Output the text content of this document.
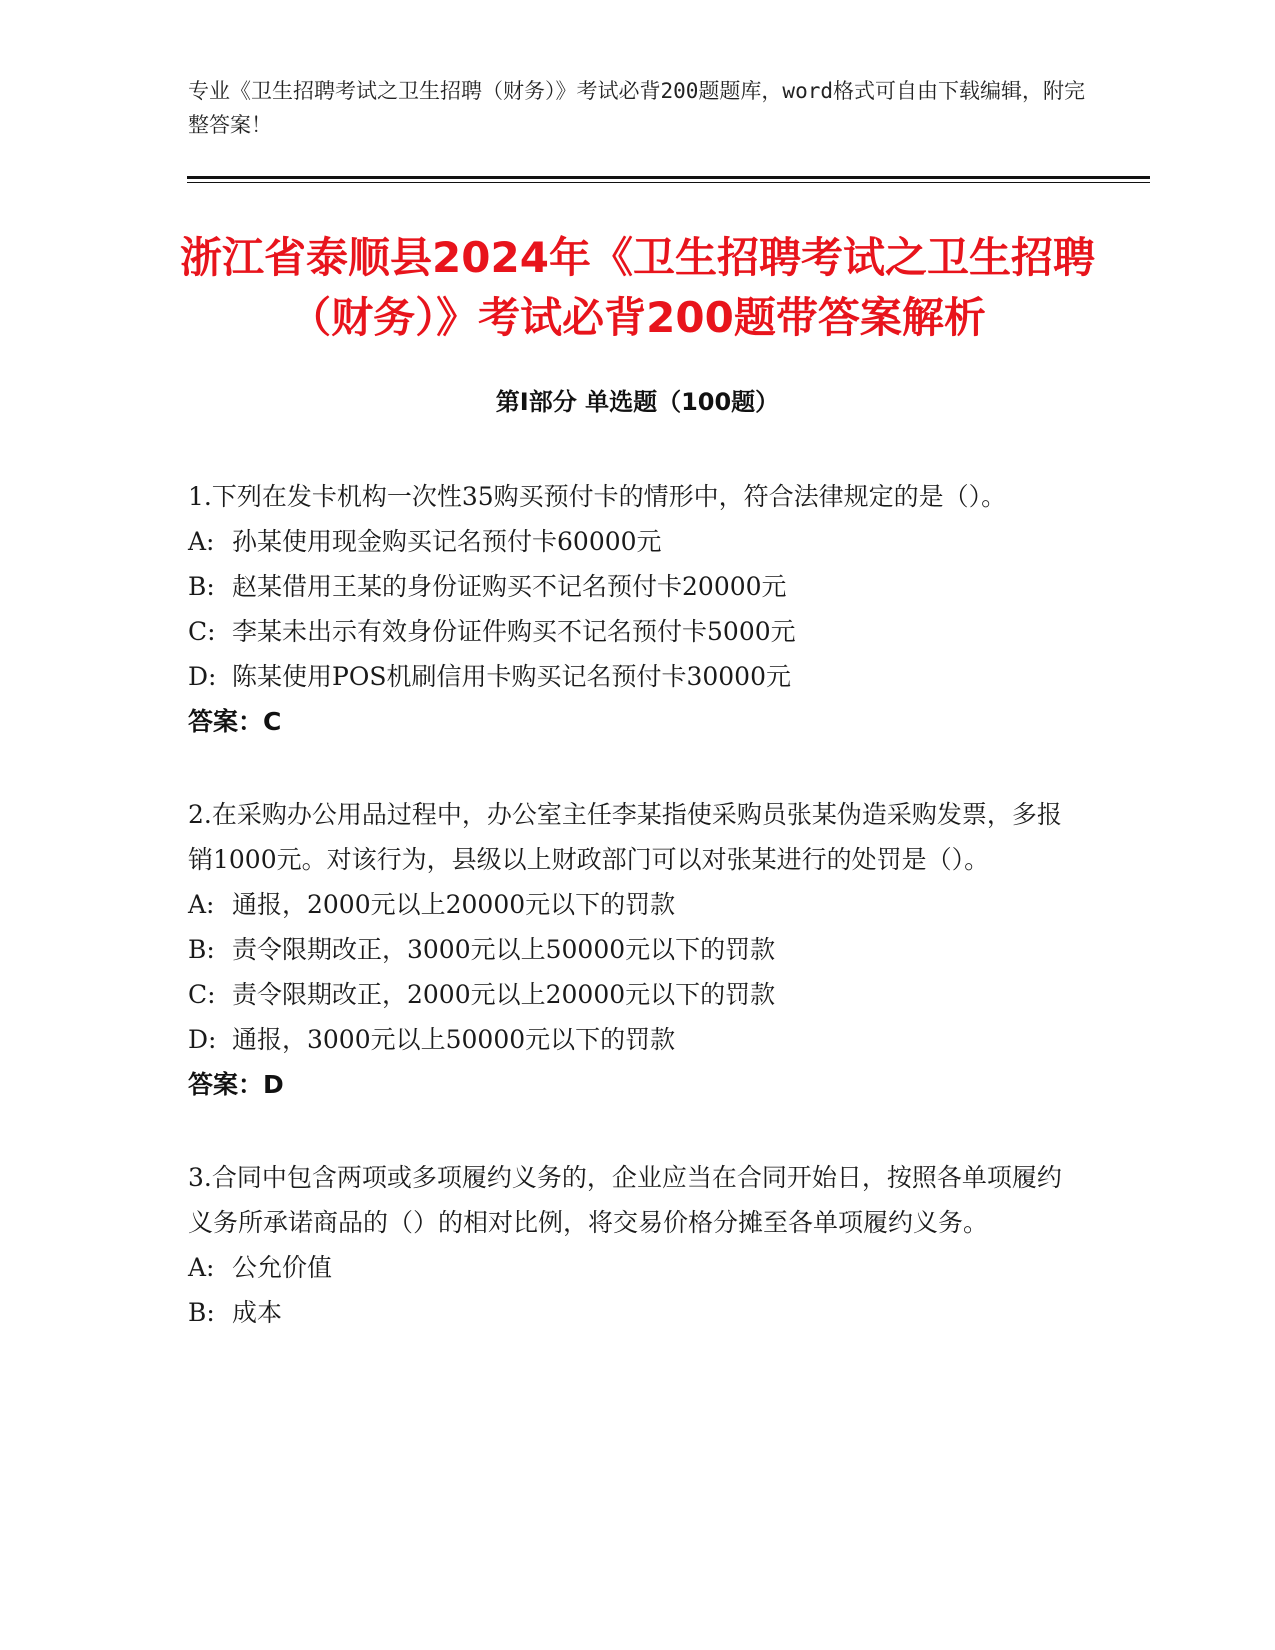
专业《卫生招聘考试之卫生招聘（财务）》考试必背200题题库，word格式可自由下载编辑，附完整答案！
浙江省泰顺县2024年《卫生招聘考试之卫生招聘（财务）》考试必背200题带答案解析
第Ⅰ部分 单选题（100题）
1.下列在发卡机构一次性35购买预付卡的情形中，符合法律规定的是（）。
A: 孙某使用现金购买记名预付卡60000元
B: 赵某借用王某的身份证购买不记名预付卡20000元
C: 李某未出示有效身份证件购买不记名预付卡5000元
D: 陈某使用POS机刷信用卡购买记名预付卡30000元
答案：C
2.在采购办公用品过程中，办公室主任李某指使采购员张某伪造采购发票，多报销1000元。对该行为，县级以上财政部门可以对张某进行的处罚是（）。
A: 通报，2000元以上20000元以下的罚款
B: 责令限期改正，3000元以上50000元以下的罚款
C: 责令限期改正，2000元以上20000元以下的罚款
D: 通报，3000元以上50000元以下的罚款
答案：D
3.合同中包含两项或多项履约义务的，企业应当在合同开始日，按照各单项履约义务所承诺商品的（）的相对比例，将交易价格分摊至各单项履约义务。
A: 公允价值
B: 成本
